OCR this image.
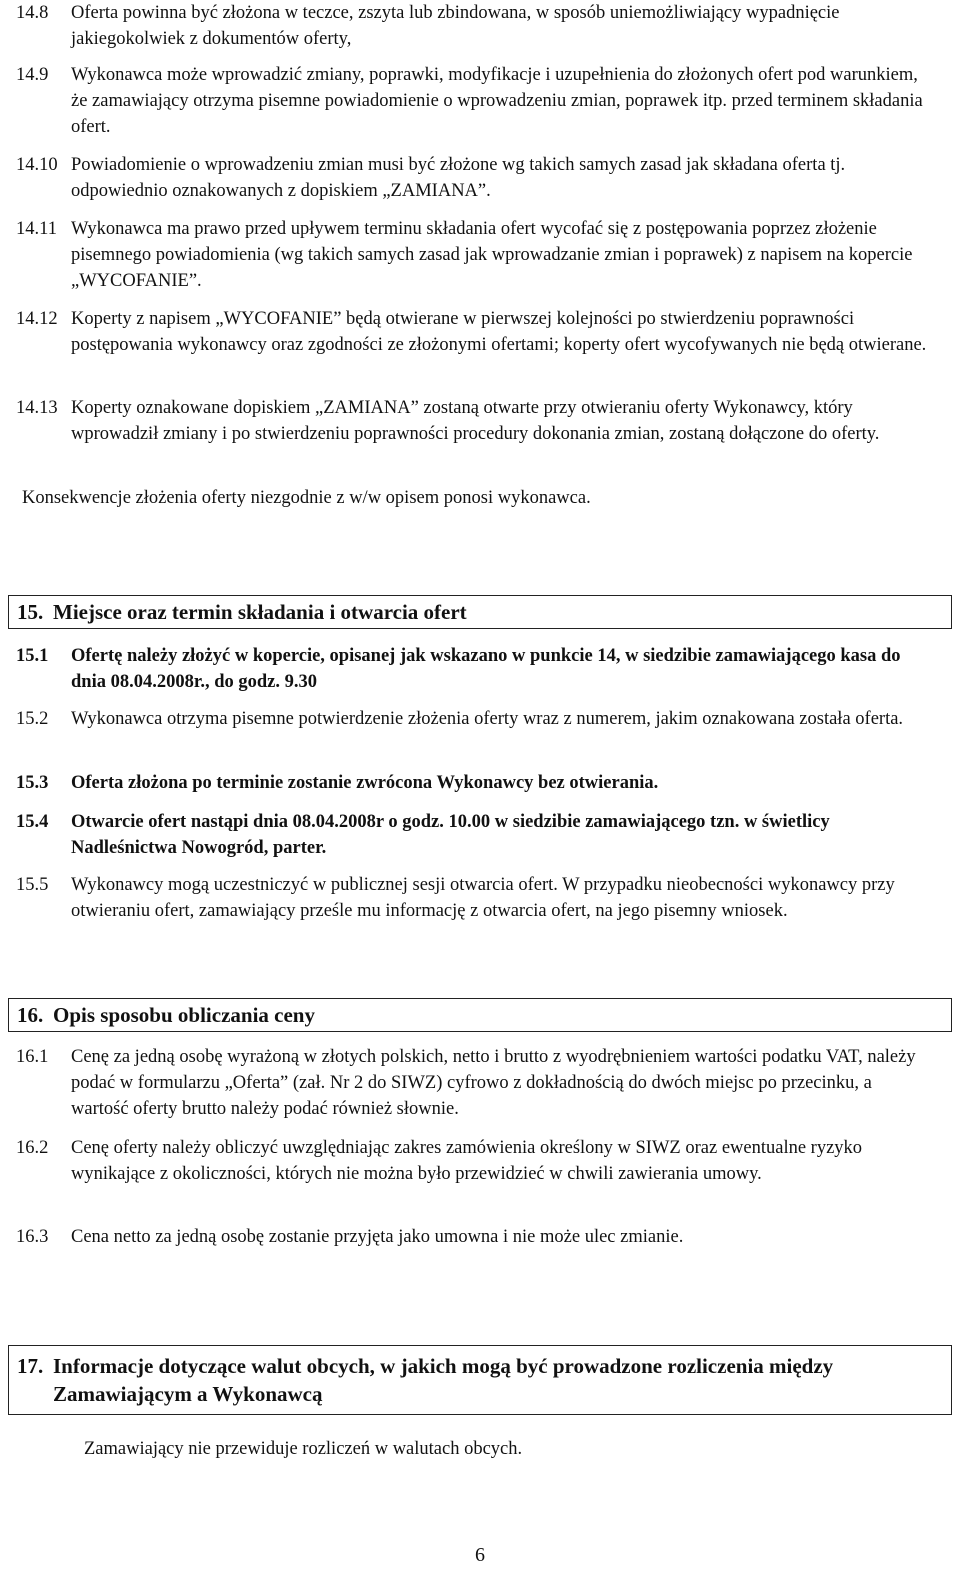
14.8 Oferta powinna być złożona w teczce, zszyta lub zbindowana, w sposób uniemożliwiający wypadnięcie jakiegokolwiek z dokumentów oferty,
14.9 Wykonawca może wprowadzić zmiany, poprawki, modyfikacje i uzupełnienia do złożonych ofert pod warunkiem, że zamawiający otrzyma pisemne powiadomienie o wprowadzeniu zmian, poprawek itp. przed terminem składania ofert.
14.10 Powiadomienie o wprowadzeniu zmian musi być złożone wg takich samych zasad jak składana oferta tj. odpowiednio oznakowanych z dopiskiem „ZAMIANA”.
14.11 Wykonawca ma prawo przed upływem terminu składania ofert wycofać się z postępowania poprzez złożenie pisemnego powiadomienia (wg takich samych zasad jak wprowadzanie zmian i poprawek) z napisem na kopercie „WYCOFANIE”.
14.12 Koperty z napisem „WYCOFANIE” będą otwierane w pierwszej kolejności po stwierdzeniu poprawności postępowania wykonawcy oraz zgodności ze złożonymi ofertami; koperty ofert wycofywanych nie będą otwierane.
14.13 Koperty oznakowane dopiskiem „ZAMIANA” zostaną otwarte przy otwieraniu oferty Wykonawcy, który wprowadził zmiany i po stwierdzeniu poprawności procedury dokonania zmian, zostaną dołączone do oferty.
Konsekwencje złożenia oferty niezgodnie z w/w opisem ponosi wykonawca.
15. Miejsce oraz termin składania i otwarcia ofert
15.1 Ofertę należy złożyć w kopercie, opisanej jak wskazano w punkcie 14, w siedzibie zamawiającego kasa do dnia 08.04.2008r., do godz. 9.30
15.2 Wykonawca otrzyma pisemne potwierdzenie złożenia oferty wraz z numerem, jakim oznakowana została oferta.
15.3 Oferta złożona po terminie zostanie zwrócona Wykonawcy bez otwierania.
15.4 Otwarcie ofert nastąpi dnia 08.04.2008r o godz. 10.00 w siedzibie zamawiającego tzn. w świetlicy Nadleśnictwa Nowogród, parter.
15.5 Wykonawcy mogą uczestniczyć w publicznej sesji otwarcia ofert. W przypadku nieobecności wykonawcy przy otwieraniu ofert, zamawiający prześle mu informację z otwarcia ofert, na jego pisemny wniosek.
16. Opis sposobu obliczania ceny
16.1 Cenę za jedną osobę wyrażoną w złotych polskich, netto i brutto z wyodrębnieniem wartości podatku VAT, należy podać w formularzu „Oferta” (zał. Nr 2 do SIWZ) cyfrowo z dokładnością do dwóch miejsc po przecinku, a wartość oferty brutto należy podać również słownie.
16.2 Cenę oferty należy obliczyć uwzględniając zakres zamówienia określony w SIWZ oraz ewentualne ryzyko wynikające z okoliczności, których nie można było przewidzieć w chwili zawierania umowy.
16.3 Cena netto za jedną osobę zostanie przyjęta jako umowna i nie może ulec zmianie.
17. Informacje dotyczące walut obcych, w jakich mogą być prowadzone rozliczenia między Zamawiającym a Wykonawcą
Zamawiający nie przewiduje rozliczeń w walutach obcych.
6
